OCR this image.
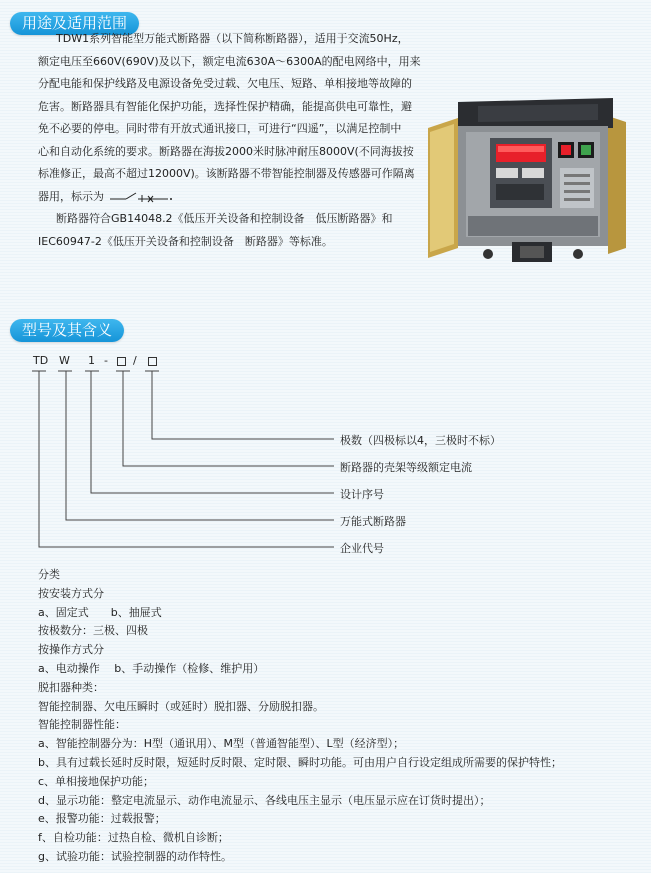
用途及适用范围
TDW1系列智能型万能式断路器（以下简称断路器），适用于交流50Hz，
额定电压至660V(690V)及以下，额定电流630A～6300A的配电网络中，用来
分配电能和保护线路及电源设备免受过载、欠电压、短路、单相接地等故障的
危害。断路器具有智能化保护功能，选择性保护精确，能提高供电可靠性，避
免不必要的停电。同时带有开放式通讯接口，可进行“四遥”，以满足控制中
心和自动化系统的要求。断路器在海拔2000米时脉冲耐压8000V(不同海拔按
标准修正，最高不超过12000V)。该断路器不带智能控制器及传感器可作隔离
器用，标示为
断路器符合GB14048.2《低压开关设备和控制设备　低压断路器》和
IEC60947-2《低压开关设备和控制设备　断路器》等标准。
型号及其含义
TD W 1 - /
极数（四极标以4，三极时不标）
断路器的壳架等级额定电流
设计序号
万能式断路器
企业代号
分类
按安装方式分
a、固定式　　b、抽屉式
按极数分：三极、四极
按操作方式分
a、电动操作　 b、手动操作（检修、维护用）
脱扣器种类：
智能控制器、欠电压瞬时（或延时）脱扣器、分励脱扣器。
智能控制器性能：
a、智能控制器分为：H型（通讯用）、M型（普通智能型）、L型（经济型）；
b、具有过载长延时反时限，短延时反时限、定时限、瞬时功能。可由用户自行设定组成所需要的保护特性；
c、单相接地保护功能；
d、显示功能：整定电流显示、动作电流显示、各线电压主显示（电压显示应在订货时提出）；
e、报警功能：过载报警；
f、自检功能：过热自检、微机自诊断；
g、试验功能：试验控制器的动作特性。
